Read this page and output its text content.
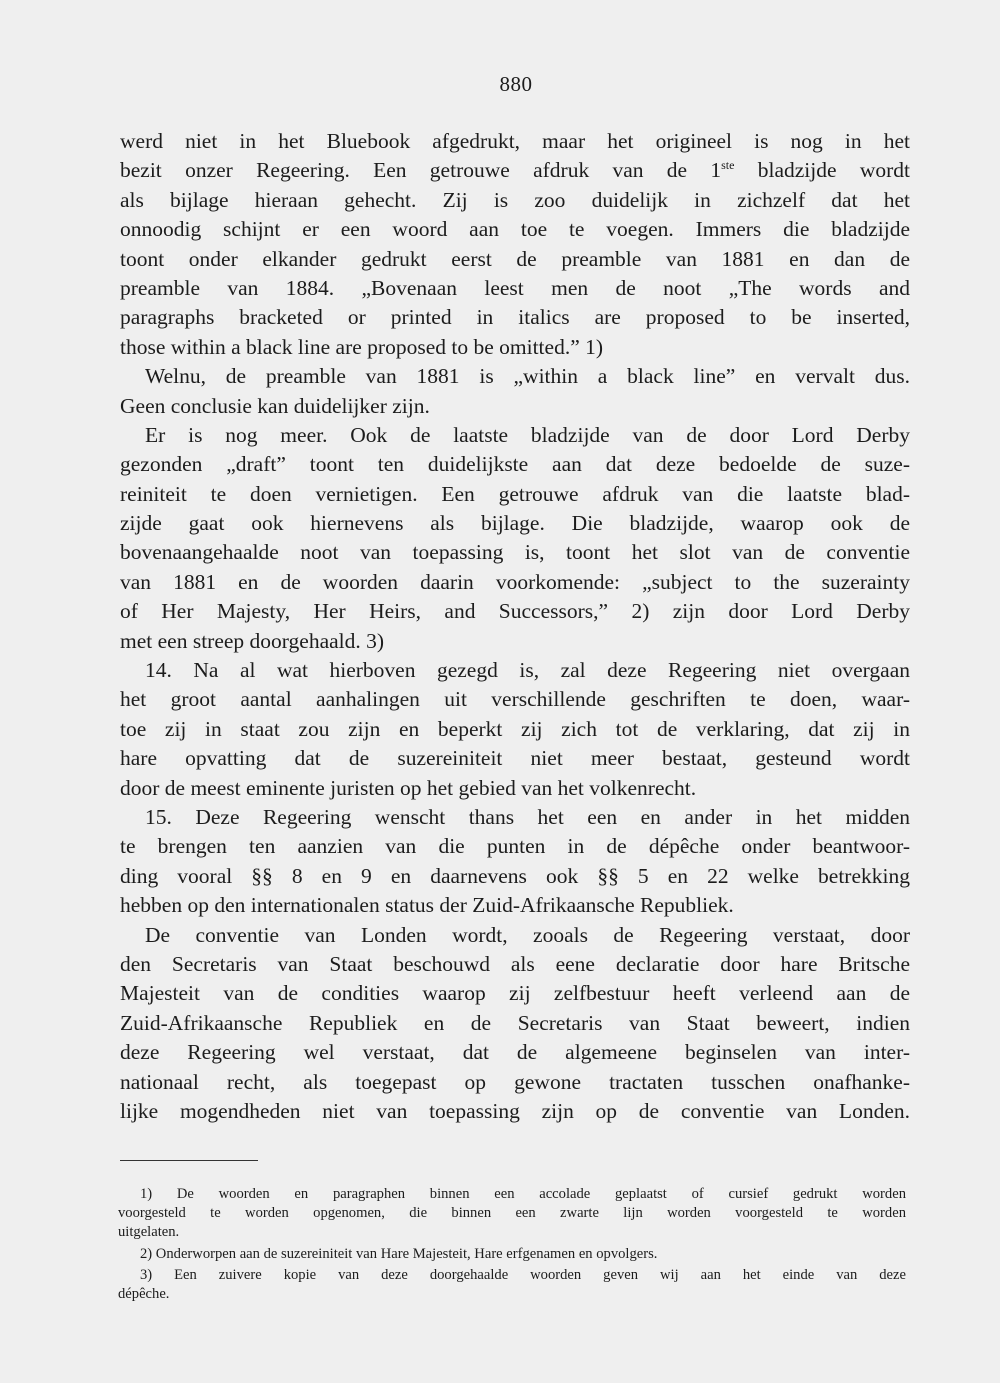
880
werd niet in het Bluebook afgedrukt, maar het origineel is nog in het
bezit onzer Regeering. Een getrouwe afdruk van de 1ste bladzijde wordt
als bijlage hieraan gehecht. Zij is zoo duidelijk in zichzelf dat het
onnoodig schijnt er een woord aan toe te voegen. Immers die bladzijde
toont onder elkander gedrukt eerst de preamble van 1881 en dan de
preamble van 1884. „Bovenaan leest men de noot „The words and
paragraphs bracketed or printed in italics are proposed to be inserted,
those within a black line are proposed to be omitted.” 1)
Welnu, de preamble van 1881 is „within a black line” en vervalt dus.
Geen conclusie kan duidelijker zijn.
Er is nog meer. Ook de laatste bladzijde van de door Lord Derby
gezonden „draft” toont ten duidelijkste aan dat deze bedoelde de suze-
reiniteit te doen vernietigen. Een getrouwe afdruk van die laatste blad-
zijde gaat ook hiernevens als bijlage. Die bladzijde, waarop ook de
bovenaangehaalde noot van toepassing is, toont het slot van de conventie
van 1881 en de woorden daarin voorkomende: „subject to the suzerainty
of Her Majesty, Her Heirs, and Successors,” 2) zijn door Lord Derby
met een streep doorgehaald. 3)
14. Na al wat hierboven gezegd is, zal deze Regeering niet overgaan
het groot aantal aanhalingen uit verschillende geschriften te doen, waar-
toe zij in staat zou zijn en beperkt zij zich tot de verklaring, dat zij in
hare opvatting dat de suzereiniteit niet meer bestaat, gesteund wordt
door de meest eminente juristen op het gebied van het volkenrecht.
15. Deze Regeering wenscht thans het een en ander in het midden
te brengen ten aanzien van die punten in de dépêche onder beantwoor-
ding vooral §§ 8 en 9 en daarnevens ook §§ 5 en 22 welke betrekking
hebben op den internationalen status der Zuid-Afrikaansche Republiek.
De conventie van Londen wordt, zooals de Regeering verstaat, door
den Secretaris van Staat beschouwd als eene declaratie door hare Britsche
Majesteit van de condities waarop zij zelfbestuur heeft verleend aan de
Zuid-Afrikaansche Republiek en de Secretaris van Staat beweert, indien
deze Regeering wel verstaat, dat de algemeene beginselen van inter-
nationaal recht, als toegepast op gewone tractaten tusschen onafhanke-
lijke mogendheden niet van toepassing zijn op de conventie van Londen.
1) De woorden en paragraphen binnen een accolade geplaatst of cursief gedrukt worden
voorgesteld te worden opgenomen, die binnen een zwarte lijn worden voorgesteld te worden
uitgelaten.
2) Onderworpen aan de suzereiniteit van Hare Majesteit, Hare erfgenamen en opvolgers.
3) Een zuivere kopie van deze doorgehaalde woorden geven wij aan het einde van deze
dépêche.
